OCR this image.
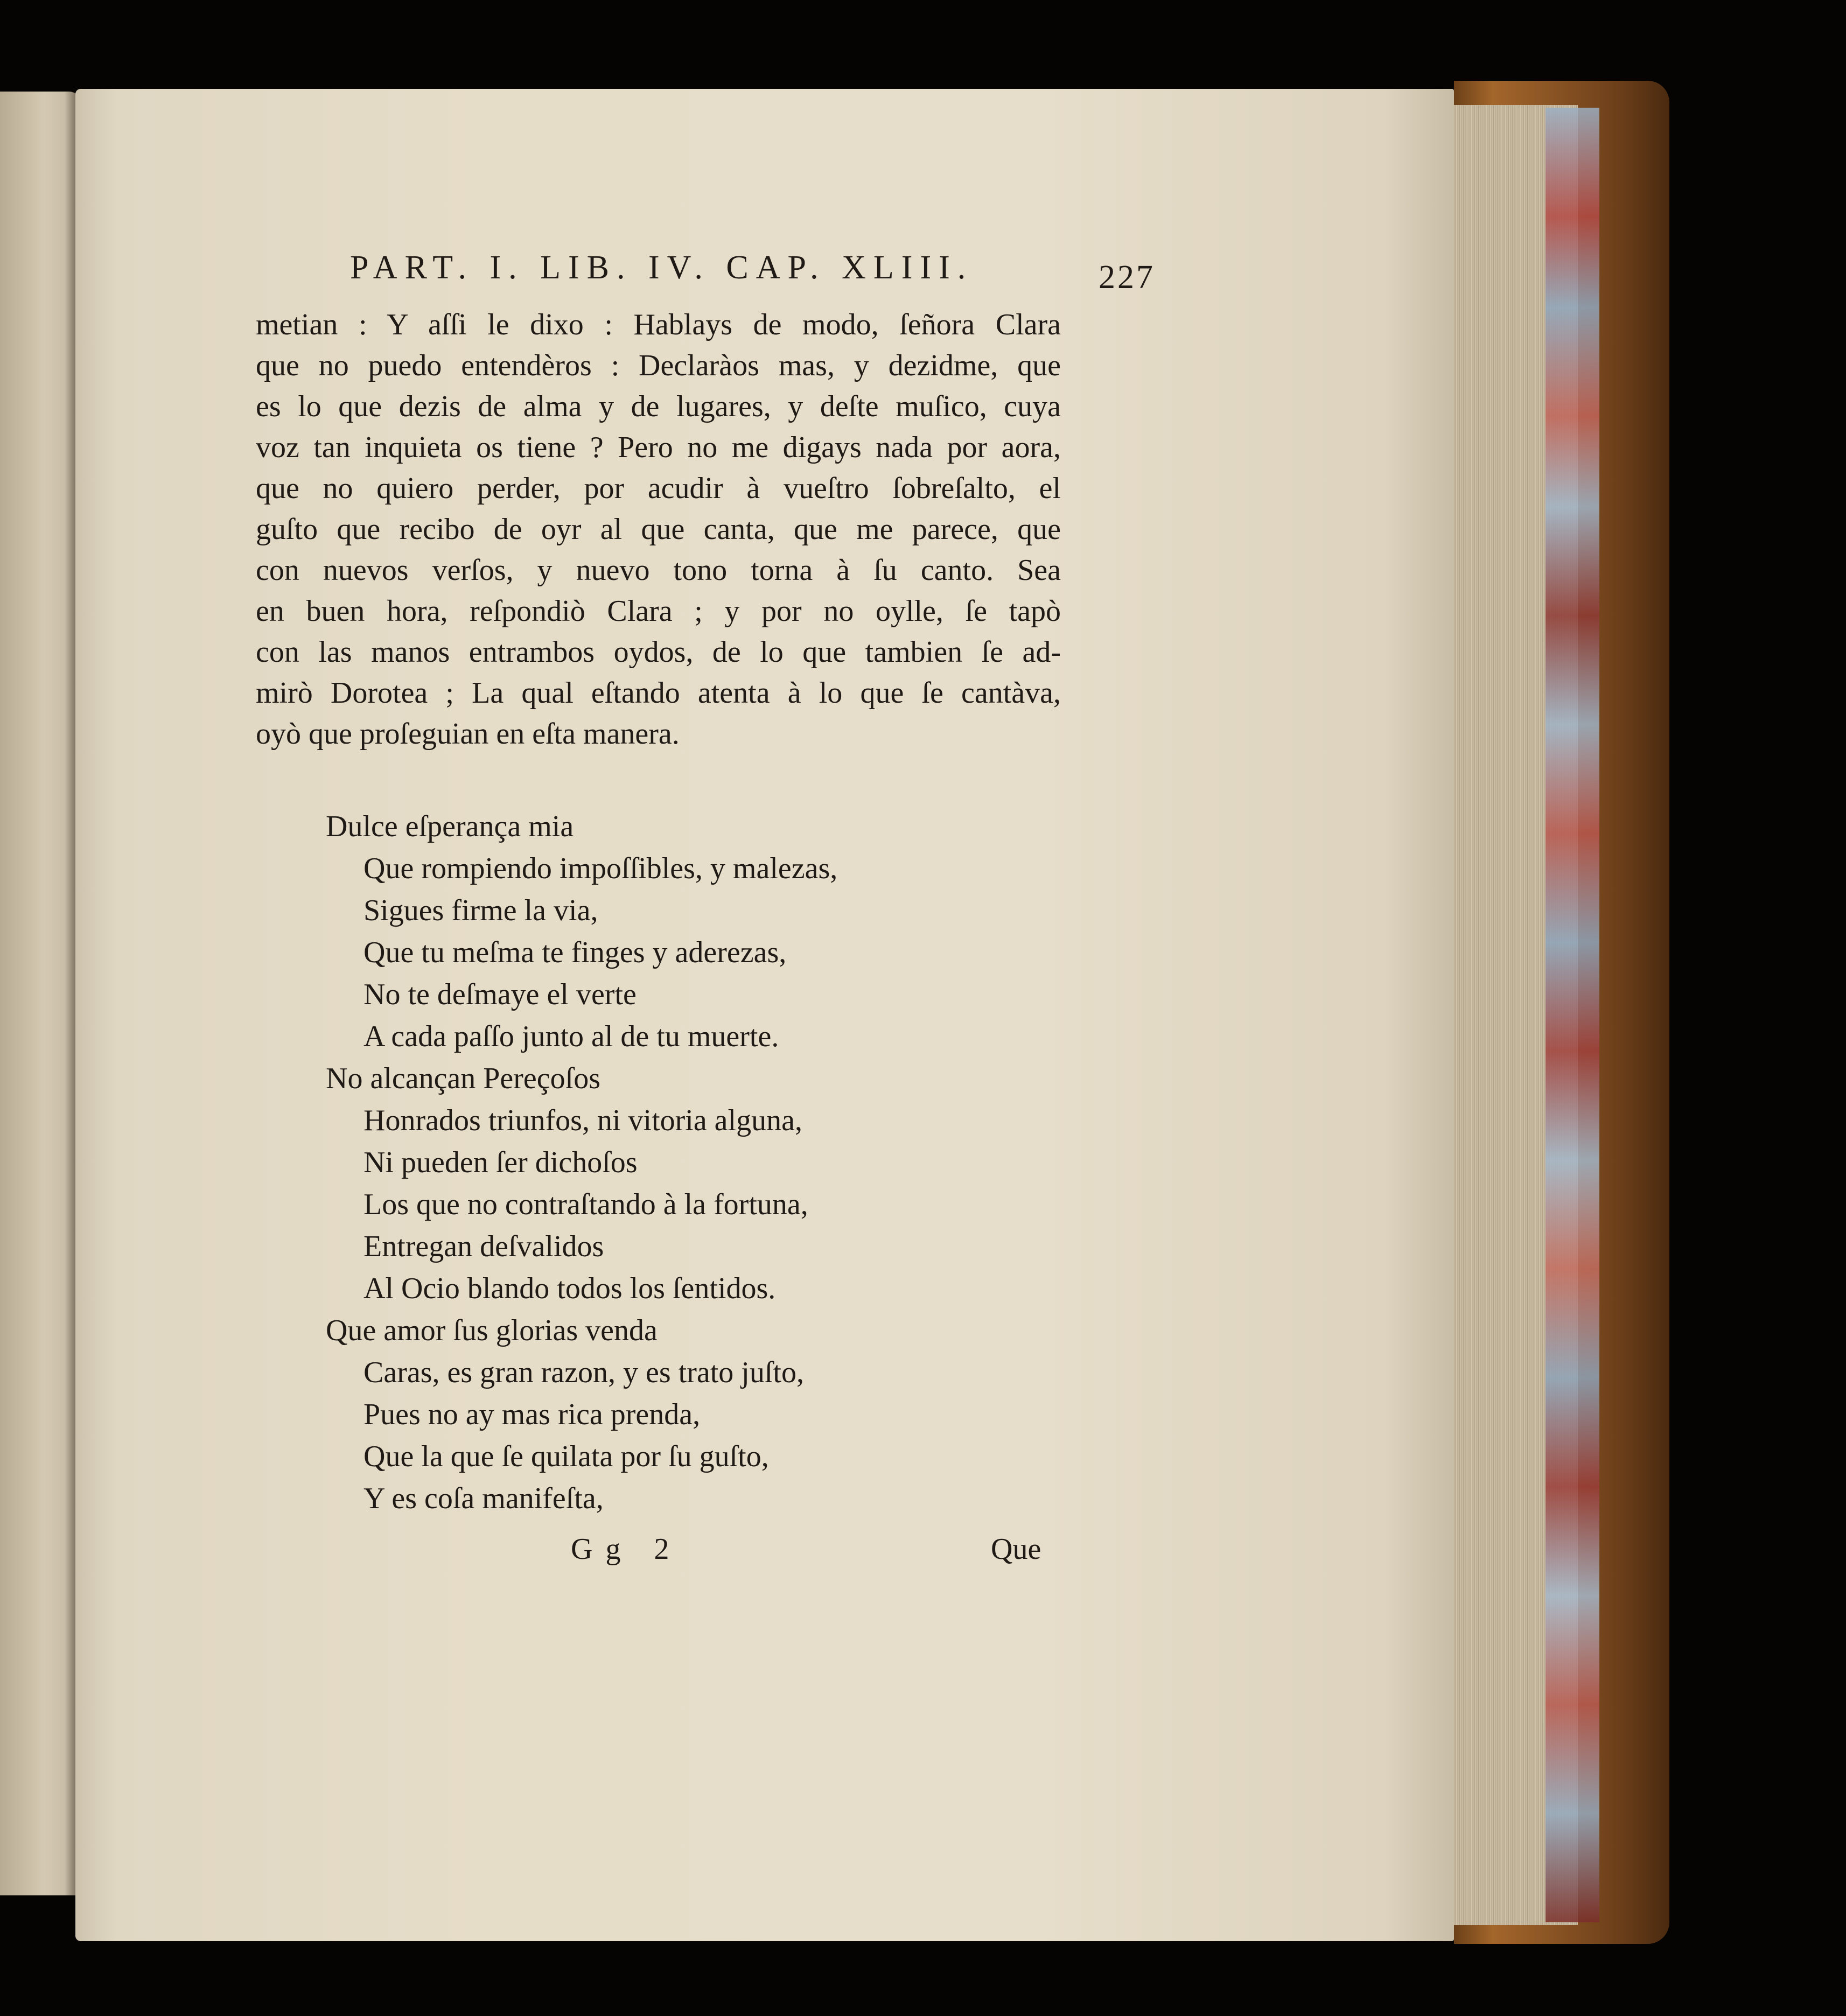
PART. I. LIB. IV. CAP. XLIII.	227
metian : Y aſſi le dixo : Hablays de modo, ſeñora Clara
que no puedo entendèros : Declaràos mas, y dezidme, que
es lo que dezis de alma y de lugares, y deſte muſico, cuya
voz tan inquieta os tiene ? Pero no me digays nada por aora,
que no quiero perder, por acudir à vueſtro ſobreſalto, el
guſto que recibo de oyr al que canta, que me parece, que
con nuevos verſos, y nuevo tono torna à ſu canto. Sea
en buen hora, reſpondiò Clara ; y por no oylle, ſe tapò
con las manos entrambos oydos, de lo que tambien ſe ad-
mirò Dorotea ; La qual eſtando atenta à lo que ſe cantàva,
oyò que proſeguian en eſta manera.
Dulce eſperança mia
Que rompiendo impoſſibles, y malezas,
Sigues firme la via,
Que tu meſma te finges y aderezas,
No te deſmaye el verte
A cada paſſo junto al de tu muerte.
No alcançan Pereçoſos
Honrados triunfos, ni vitoria alguna,
Ni pueden ſer dichoſos
Los que no contraſtando à la fortuna,
Entregan deſvalidos
Al Ocio blando todos los ſentidos.
Que amor ſus glorias venda
Caras, es gran razon, y es trato juſto,
Pues no ay mas rica prenda,
Que la que ſe quilata por ſu guſto,
Y es coſa manifeſta,
Gg 2	Que
